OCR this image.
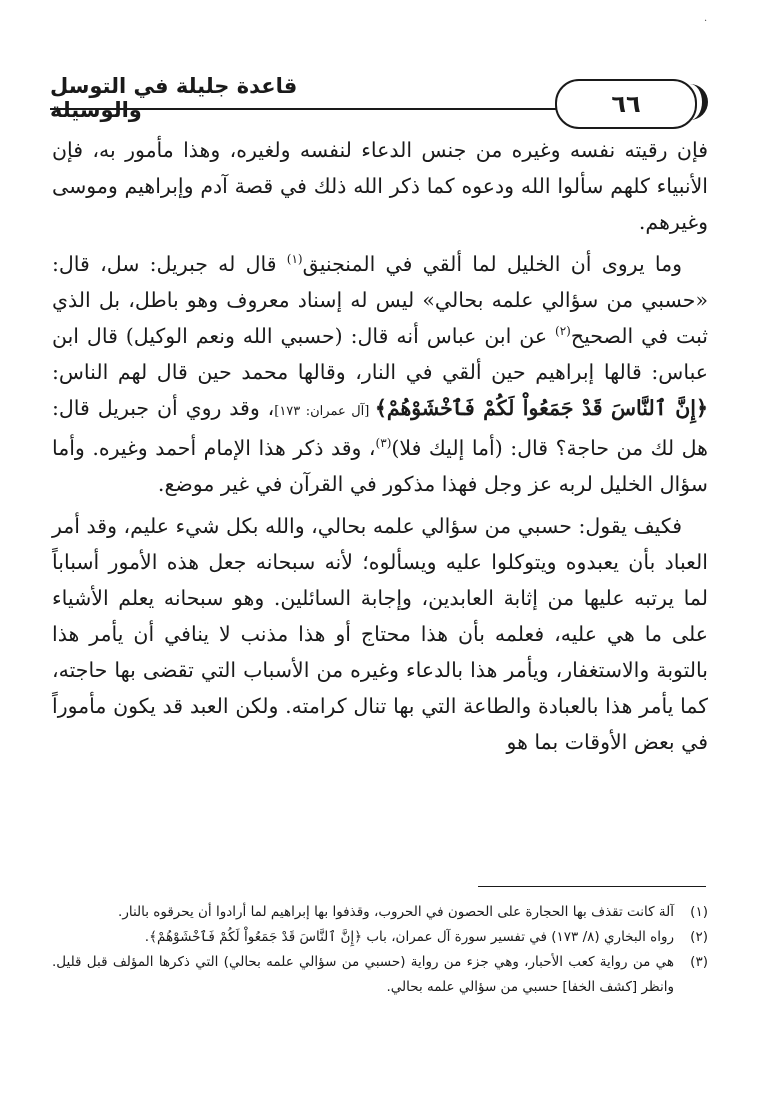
·
قاعدة جليلة في التوسل والوسيلة	٦٦

فإن رقيته نفسه وغيره من جنس الدعاء لنفسه ولغيره، وهذا مأمور به، فإن الأنبياء كلهم سألوا الله ودعوه كما ذكر الله ذلك في قصة آدم وإبراهيم وموسى وغيرهم.

وما يروى أن الخليل لما ألقي في المنجنيق$^{(١)}$ قال له جبريل: سل، قال: «حسبي من سؤالي علمه بحالي» ليس له إسناد معروف وهو باطل، بل الذي ثبت في الصحيح$^{(٢)}$ عن ابن عباس أنه قال: (حسبي الله ونعم الوكيل) قال ابن عباس: قالها إبراهيم حين ألقي في النار، وقالها محمد حين قال لهم الناس: ﴿إِنَّ ٱلنَّاسَ قَدْ جَمَعُواْ لَكُمْ فَٱخْشَوْهُمْ﴾ [آل عمران: ١٧٣]، وقد روي أن جبريل قال: هل لك من حاجة؟ قال: (أما إليك فلا)$^{(٣)}$، وقد ذكر هذا الإمام أحمد وغيره. وأما سؤال الخليل لربه عز وجل فهذا مذكور في القرآن في غير موضع.

فكيف يقول: حسبي من سؤالي علمه بحالي، والله بكل شيء عليم، وقد أمر العباد بأن يعبدوه ويتوكلوا عليه ويسألوه؛ لأنه سبحانه جعل هذه الأمور أسباباً لما يرتبه عليها من إثابة العابدين، وإجابة السائلين. وهو سبحانه يعلم الأشياء على ما هي عليه، فعلمه بأن هذا محتاج أو هذا مذنب لا ينافي أن يأمر هذا بالتوبة والاستغفار، ويأمر هذا بالدعاء وغيره من الأسباب التي تقضى بها حاجته، كما يأمر هذا بالعبادة والطاعة التي بها تنال كرامته. ولكن العبد قد يكون مأموراً في بعض الأوقات بما هو

(١)
آلة كانت تقذف بها الحجارة على الحصون في الحروب، وقذفوا بها إبراهيم لما أرادوا أن يحرقوه بالنار.
(٢)
رواه البخاري (٨/ ١٧٣) في تفسير سورة آل عمران، باب ﴿إِنَّ ٱلنَّاسَ قَدْ جَمَعُواْ لَكُمْ فَٱخْشَوْهُمْ﴾.
(٣)
هي من رواية كعب الأحبار، وهي جزء من رواية (حسبي من سؤالي علمه بحالي) التي ذكرها المؤلف قبل قليل. وانظر [كشف الخفا] حسبي من سؤالي علمه بحالي.
